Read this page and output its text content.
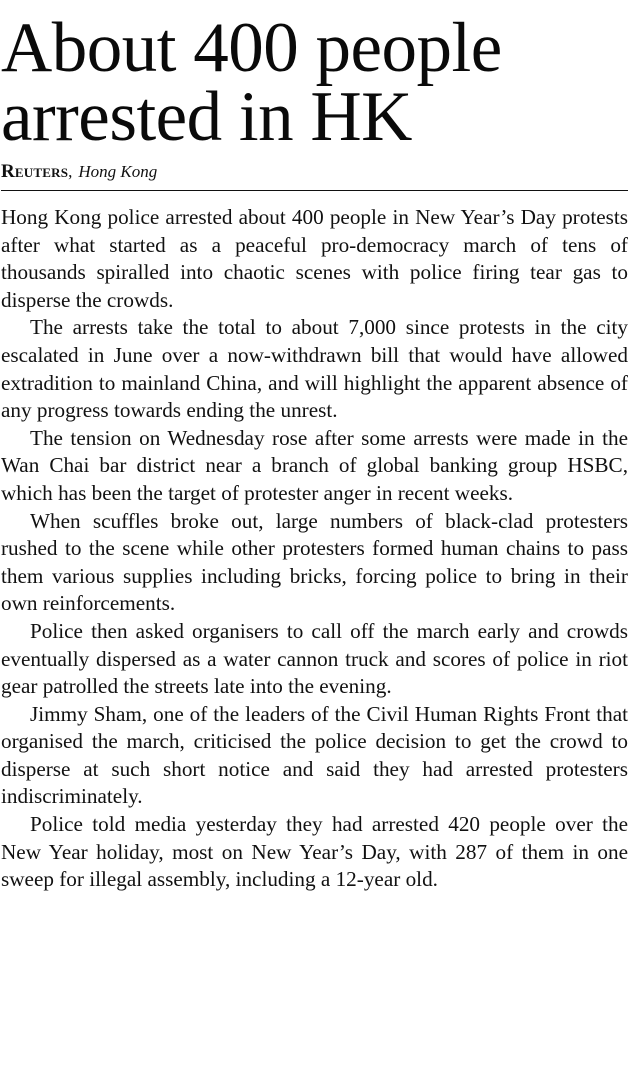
About 400 people
arrested in HK
Reuters, Hong Kong

Hong Kong police arrested about 400 people in New Year’s Day protests after what started as a peaceful pro-democracy march of tens of thousands spiralled into chaotic scenes with police firing tear gas to disperse the crowds.

The arrests take the total to about 7,000 since protests in the city escalated in June over a now-withdrawn bill that would have allowed extradition to mainland China, and will highlight the apparent absence of any progress towards ending the unrest.

The tension on Wednesday rose after some arrests were made in the Wan Chai bar district near a branch of global banking group HSBC, which has been the target of protester anger in recent weeks.

When scuffles broke out, large numbers of black-clad protesters rushed to the scene while other protesters formed human chains to pass them various supplies including bricks, forcing police to bring in their own reinforcements.

Police then asked organisers to call off the march early and crowds eventually dispersed as a water cannon truck and scores of police in riot gear patrolled the streets late into the evening.

Jimmy Sham, one of the leaders of the Civil Human Rights Front that organised the march, criticised the police decision to get the crowd to disperse at such short notice and said they had arrested protesters indiscriminately.

Police told media yesterday they had arrested 420 people over the New Year holiday, most on New Year’s Day, with 287 of them in one sweep for illegal assembly, including a 12-year old.
